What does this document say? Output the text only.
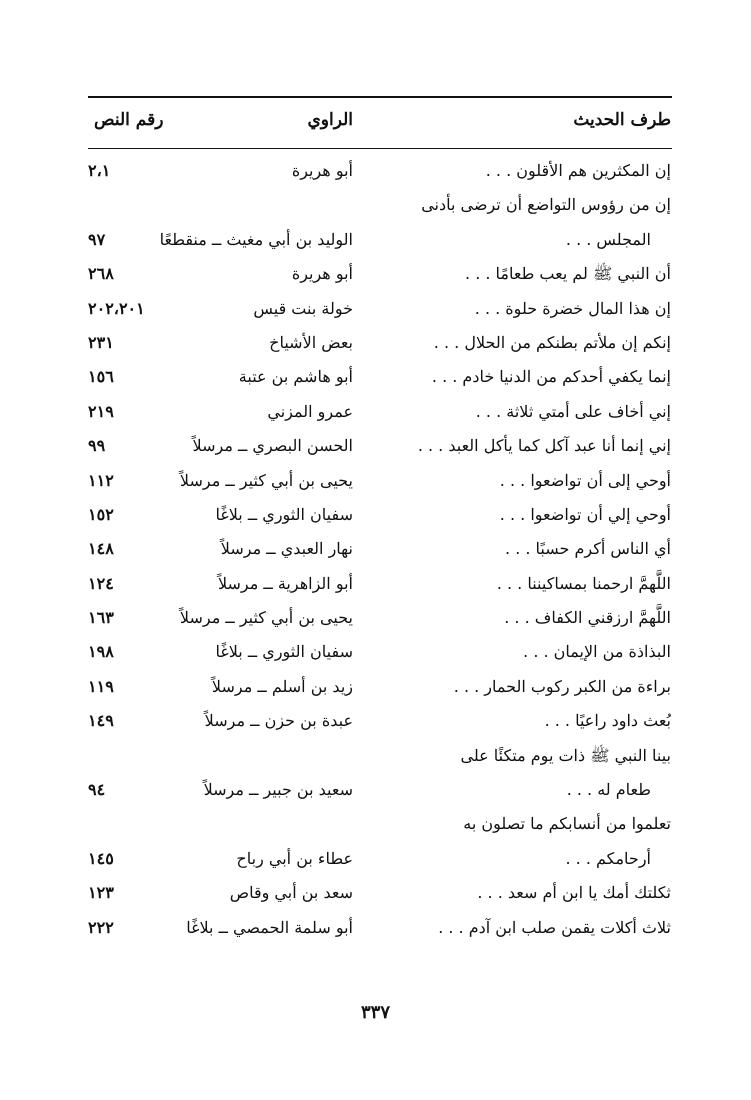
طرف الحديث
الراوي
رقم النص
إن المكثرين هم الأقلون . . .
أبو هريرة
٢،١
إن من رؤوس التواضع أن ترضى بأدنى
المجلس . . .
الوليد بن أبي مغيث ــ منقطعًا
٩٧
أن النبي ﷺ لم يعب طعامًا . . .
أبو هريرة
٢٦٨
إن هذا المال خضرة حلوة . . .
خولة بنت قيس
٢٠٢،٢٠١
إنكم إن ملأتم بطنكم من الحلال . . .
بعض الأشياخ
٢٣١
إنما يكفي أحدكم من الدنيا خادم . . .
أبو هاشم بن عتبة
١٥٦
إني أخاف على أمتي ثلاثة . . .
عمرو المزني
٢١٩
إني إنما أنا عبد آكل كما يأكل العبد . . .
الحسن البصري ــ مرسلاً
٩٩
أوحي إلى أن تواضعوا . . .
يحيى بن أبي كثير ــ مرسلاً
١١٢
أوحي إلي أن تواضعوا . . .
سفيان الثوري ــ بلاغًا
١٥٢
أي الناس أكرم حسبًا . . .
نهار العبدي ــ مرسلاً
١٤٨
اللَّهمَّ ارحمنا بمساكيننا . . .
أبو الزاهرية ــ مرسلاً
١٢٤
اللَّهمَّ ارزقني الكفاف . . .
يحيى بن أبي كثير ــ مرسلاً
١٦٣
البذاذة من الإيمان . . .
سفيان الثوري ــ بلاغًا
١٩٨
براءة من الكبر ركوب الحمار . . .
زيد بن أسلم ــ مرسلاً
١١٩
بُعث داود راعيًا . . .
عبدة بن حزن ــ مرسلاً
١٤٩
بينا النبي ﷺ ذات يوم متكئًا على
طعام له . . .
سعيد بن جبير ــ مرسلاً
٩٤
تعلموا من أنسابكم ما تصلون به
أرحامكم . . .
عطاء بن أبي رباح
١٤٥
ثكلتك أمك يا ابن أم سعد . . .
سعد بن أبي وقاص
١٢٣
ثلاث أكلات يقمن صلب ابن آدم . . .
أبو سلمة الحمصي ــ بلاغًا
٢٢٢
٣٣٧
